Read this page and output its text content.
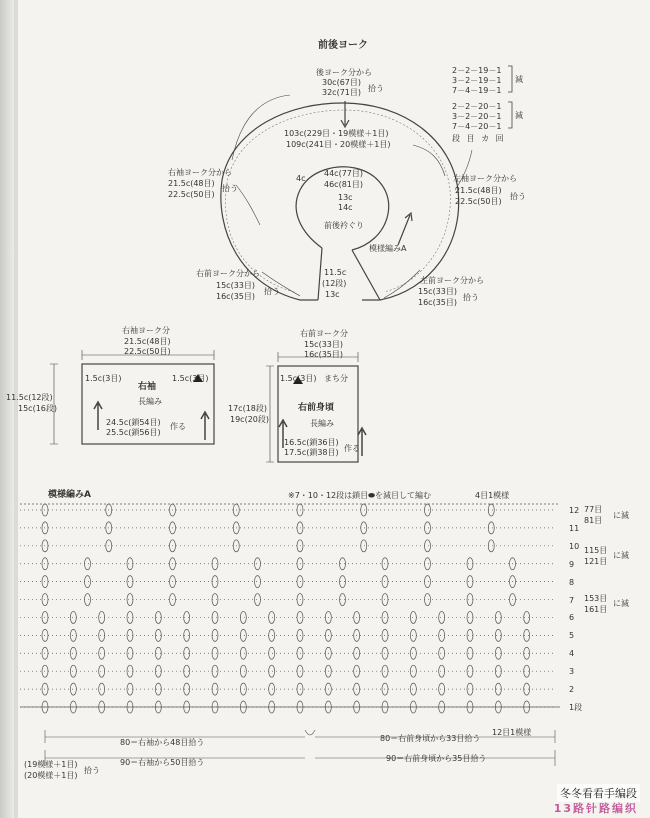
前後ヨーク
後ヨーク分から
30c(67目)
32c(71目) 拾う
103c(229目・19模様＋1目)
109c(241目・20模様＋1目)
44c(77目)
46c(81目)
4c
13c
14c
前後衿ぐり
模様編みA
右袖ヨーク分から
21.5c(48目)
22.5c(50目)
拾う
左袖ヨーク分から
21.5c(48目)
22.5c(50目)
拾う
右前ヨーク分から
15c(33目)
16c(35目)
拾う
左前ヨーク分から
15c(33目)
16c(35目)
拾う
11.5c
(12段)
13c
2－2－19－1
3－2－19－1
7－4－19－1
減
2－2－20－1
3－2－20－1
7－4－20－1
減
段 目 カ 回
右袖ヨーク分
21.5c(48目)
22.5c(50目)
11.5c(12段)
15c(16段)
1.5c(3目)	1.5c(3目)
右袖
長編み
24.5c(鎖54目)
25.5c(鎖56目)
作る
右前ヨーク分
15c(33目)
16c(35目)
17c(18段)
19c(20段)
1.5c(3目) まち分
右前身頃
長編み
16.5c(鎖36目)
17.5c(鎖38目) 作る
模様編みA	※7・10・12段は鎖目⬬を減目して編む	4目1模様
12
11
10
9
8
7
6
5
4
3
2
1段
77目
81目
に減
115目
121目
に減
153目
161目
に減
80＝右袖から48目拾う	80＝右前身頃から33目拾う
12目1模様
(19模様＋1目)
(20模様＋1目)
拾う
90＝右袖から50目拾う	90＝右前身頃から35目拾う
冬冬看看手编段
13路针路编织
